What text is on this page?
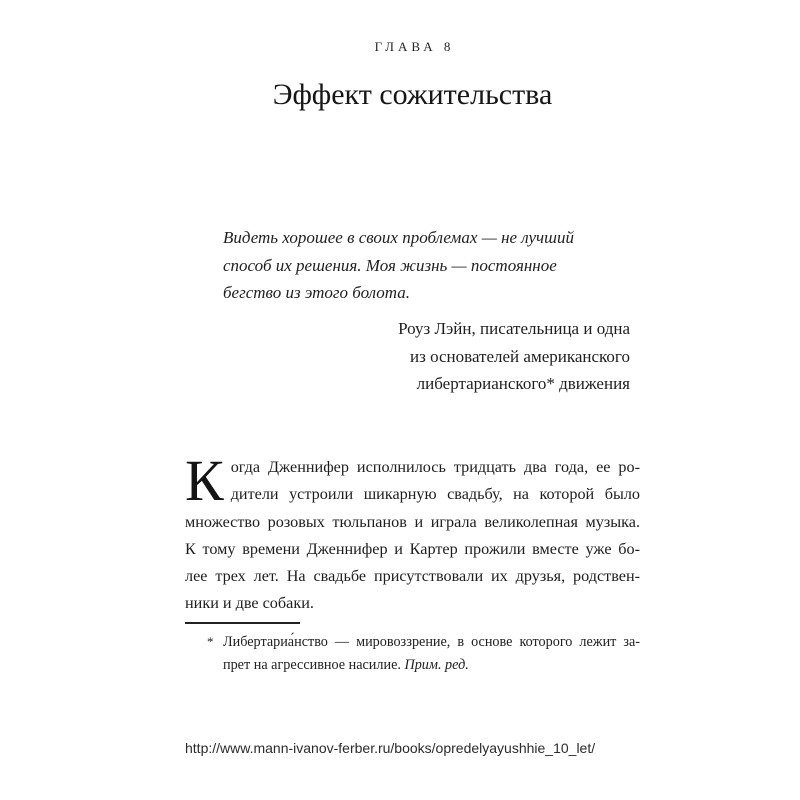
ГЛАВА 8
Эффект сожительства
Видеть хорошее в своих проблемах — не лучший
способ их решения. Моя жизнь — постоянное
бегство из этого болота.
Роуз Лэйн, писательница и одна
из основателей американского
либертарианского* движения
К огда Дженнифер исполнилось тридцать два года, ее ро-
дители устроили шикарную свадьбу, на которой было
множество розовых тюльпанов и играла великолепная музыка.
К тому времени Дженнифер и Картер прожили вместе уже бо-
лее трех лет. На свадьбе присутствовали их друзья, родствен-
ники и две собаки.
* Либертариа́нство — мировоззрение, в основе которого лежит за-
прет на агрессивное насилие. Прим. ред.
http://www.mann-ivanov-ferber.ru/books/opredelyayushhie_10_let/
